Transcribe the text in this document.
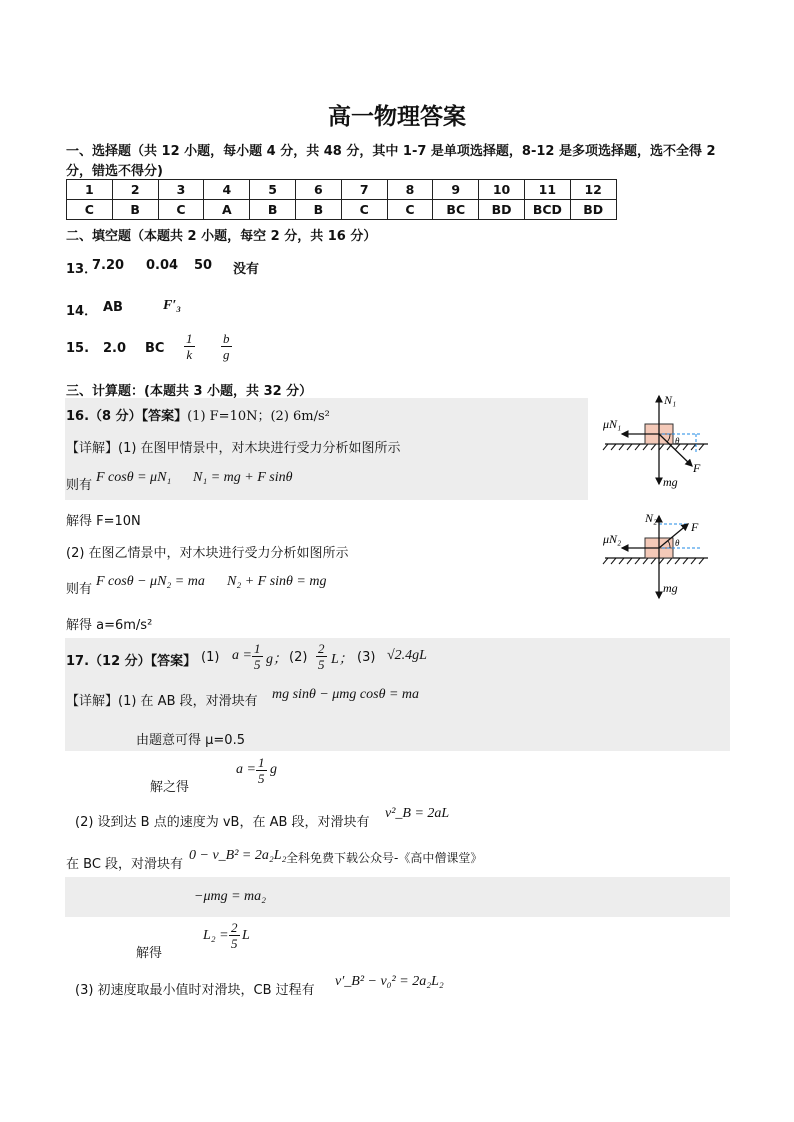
高一物理答案
一、选择题（共 12 小题，每小题 4 分，共 48 分，其中 1-7 是单项选择题，8-12 是多项选择题，选不全得 2
分，错选不得分)
1	2	3	4	5	6	7	8	9	10	11	12
C	B	C	A	B	B	C	C	BC	BD	BCD	BD
二、填空题（本题共 2 小题，每空 2 分，共 16 分）
13．
7.20 0.04 50 没有
14． AB	F′₃
15. 2.0 BC $\frac{1}{k} \frac{b}{g}$
三、计算题：(本题共 3 小题，共 32 分）
16.（8 分）【答案】(1) F=10N；(2) 6m/s²
【详解】(1) 在图甲情景中，对木块进行受力分析如图所示
则有
F cosθ = μN₁ N₁ = mg + F sinθ
解得 F=10N
(2) 在图乙情景中，对木块进行受力分析如图所示
则有
F cosθ − μN₂ = ma N₂ + F sinθ = mg
解得 a=6m/s²
17.（12 分）【答案】 (1) $a = \frac{1}{5}$ g； $(2) \frac{2}{5}$ L； (3) √2.4gL
【详解】(1) 在 AB 段，对滑块有 mg sinθ − μmg cosθ = ma
由题意可得 μ=0.5
解之得
$a = \frac{1}{5}$ g
(2) 设到达 B 点的速度为 vB，在 AB 段，对滑块有
v²_B = 2aL
在 BC 段，对滑块有
0 − v_B² = 2a₂L₂ 全科免费下载公众号-《高中僧课堂》
−μmg = ma₂
解得
$L_2 = \frac{2}{5}$ L
(3) 初速度取最小值时对滑块，CB 过程有
v′_B² − v₀² = 2a₂L₂
N₁
μN₁
θ
F
mg
N₂
μN₂	θ
F
mg
